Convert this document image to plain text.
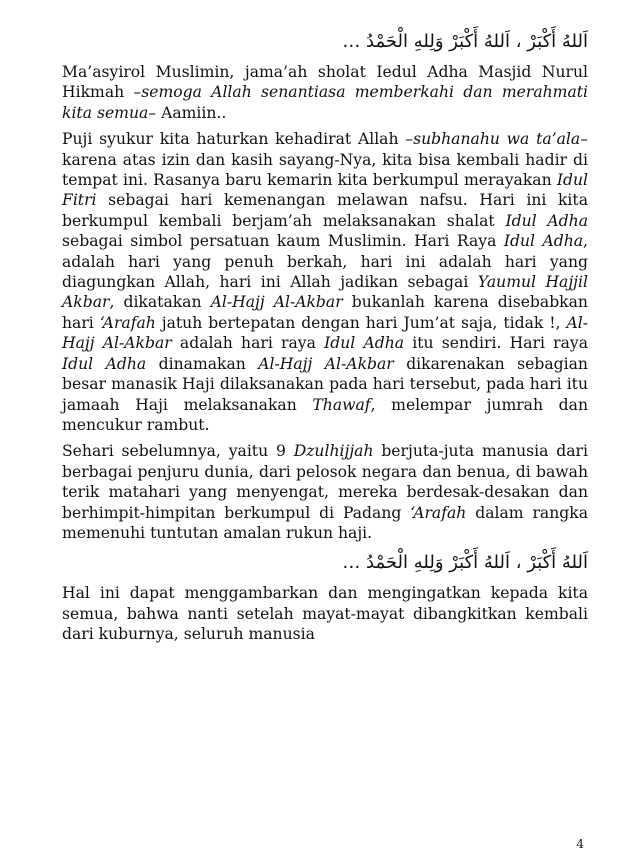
اَللهُ أَكْبَرْ ، اَللهُ أَكْبَرْ وَلِلهِ الْحَمْدُ …

Ma’asyirol Muslimin, jama’ah sholat Iedul Adha Masjid Nurul Hikmah –semoga Allah senantiasa memberkahi dan merahmati kita semua– Aamiin..

Puji syukur kita haturkan kehadirat Allah –subhanahu wa ta’ala– karena atas izin dan kasih sayang-Nya, kita bisa kembali hadir di tempat ini. Rasanya baru kemarin kita berkumpul merayakan Idul Fitri sebagai hari kemenangan melawan nafsu. Hari ini kita berkumpul kembali berjam’ah melaksanakan shalat Idul Adha sebagai simbol persatuan kaum Muslimin. Hari Raya Idul Adha, adalah hari yang penuh berkah, hari ini adalah hari yang diagungkan Allah, hari ini Allah jadikan sebagai Yaumul Hajjil Akbar, dikatakan Al-Hajj Al-Akbar bukanlah karena disebabkan hari ‘Arafah jatuh bertepatan dengan hari Jum’at saja, tidak !, Al-Hajj Al-Akbar adalah hari raya Idul Adha itu sendiri. Hari raya Idul Adha dinamakan Al-Hajj Al-Akbar dikarenakan sebagian besar manasik Haji dilaksanakan pada hari tersebut, pada hari itu jamaah Haji melaksanakan Thawaf, melempar jumrah dan mencukur rambut.

Sehari sebelumnya, yaitu 9 Dzulhijjah berjuta-juta manusia dari berbagai penjuru dunia, dari pelosok negara dan benua, di bawah terik matahari yang menyengat, mereka berdesak-desakan dan berhimpit-himpitan berkumpul di Padang ‘Arafah dalam rangka memenuhi tuntutan amalan rukun haji.

اَللهُ أَكْبَرْ ، اَللهُ أَكْبَرْ وَلِلهِ الْحَمْدُ …

Hal ini dapat menggambarkan dan mengingatkan kepada kita semua, bahwa nanti setelah mayat-mayat dibangkitkan kembali dari kuburnya, seluruh manusia

4
